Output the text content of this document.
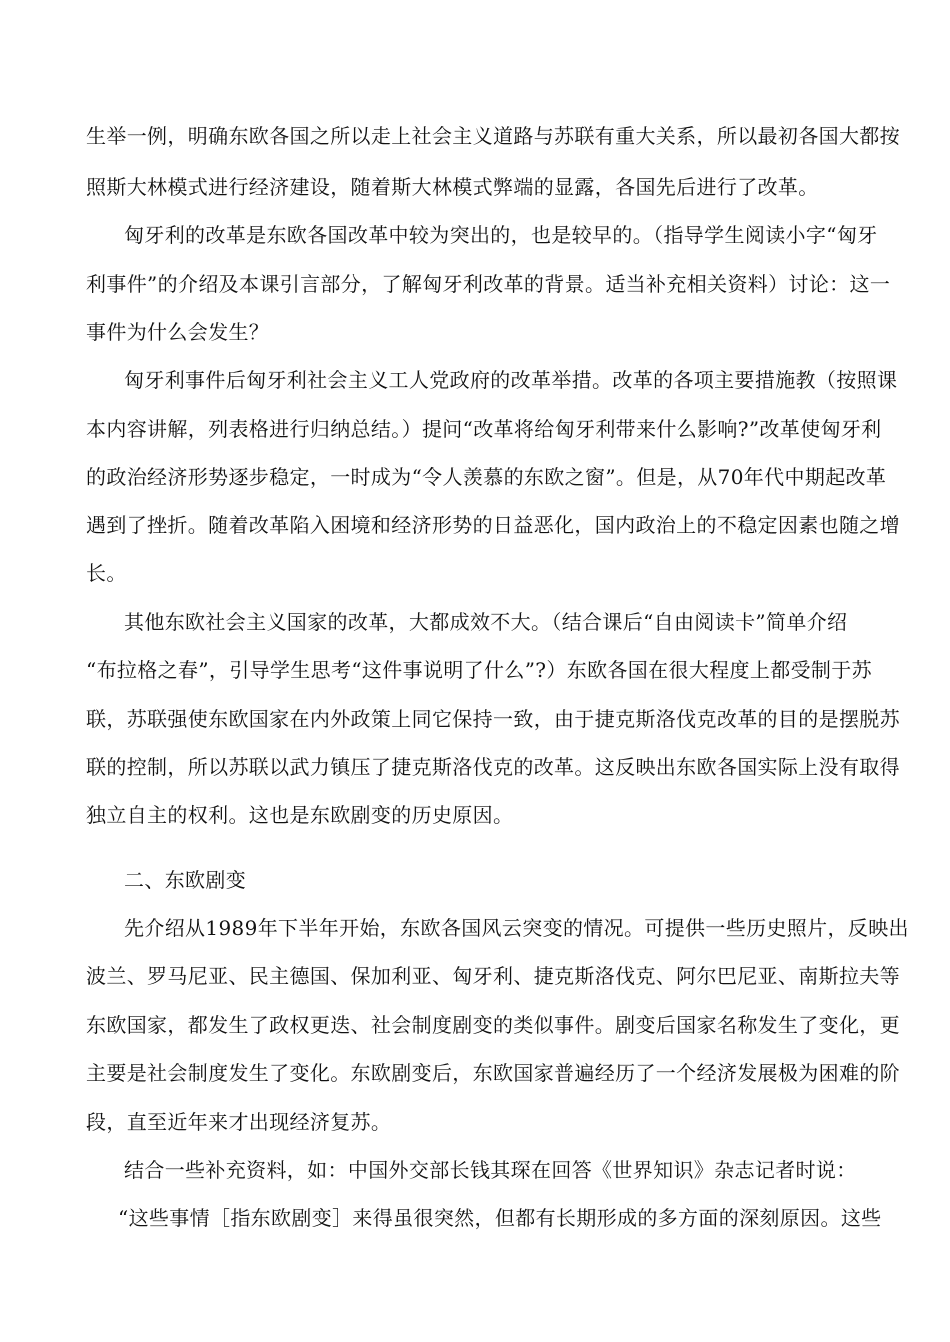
生举一例，明确东欧各国之所以走上社会主义道路与苏联有重大关系，所以最初各国大都按
照斯大林模式进行经济建设，随着斯大林模式弊端的显露，各国先后进行了改革。
匈牙利的改革是东欧各国改革中较为突出的，也是较早的。（指导学生阅读小字“匈牙
利事件”的介绍及本课引言部分，了解匈牙利改革的背景。适当补充相关资料）讨论：这一
事件为什么会发生？
匈牙利事件后匈牙利社会主义工人党政府的改革举措。改革的各项主要措施教（按照课
本内容讲解，列表格进行归纳总结。）提问“改革将给匈牙利带来什么影响?”改革使匈牙利
的政治经济形势逐步稳定，一时成为“令人羡慕的东欧之窗”。但是，从70年代中期起改革
遇到了挫折。随着改革陷入困境和经济形势的日益恶化，国内政治上的不稳定因素也随之增
长。
其他东欧社会主义国家的改革，大都成效不大。（结合课后“自由阅读卡”简单介绍
“布拉格之春”，引导学生思考“这件事说明了什么”?）东欧各国在很大程度上都受制于苏
联，苏联强使东欧国家在内外政策上同它保持一致，由于捷克斯洛伐克改革的目的是摆脱苏
联的控制，所以苏联以武力镇压了捷克斯洛伐克的改革。这反映出东欧各国实际上没有取得
独立自主的权利。这也是东欧剧变的历史原因。
二、东欧剧变
先介绍从1989年下半年开始，东欧各国风云突变的情况。可提供一些历史照片，反映出
波兰、罗马尼亚、民主德国、保加利亚、匈牙利、捷克斯洛伐克、阿尔巴尼亚、南斯拉夫等
东欧国家，都发生了政权更迭、社会制度剧变的类似事件。剧变后国家名称发生了变化，更
主要是社会制度发生了变化。东欧剧变后，东欧国家普遍经历了一个经济发展极为困难的阶
段，直至近年来才出现经济复苏。
结合一些补充资料，如：中国外交部长钱其琛在回答《世界知识》杂志记者时说：
“这些事情［指东欧剧变］来得虽很突然，但都有长期形成的多方面的深刻原因。这些
